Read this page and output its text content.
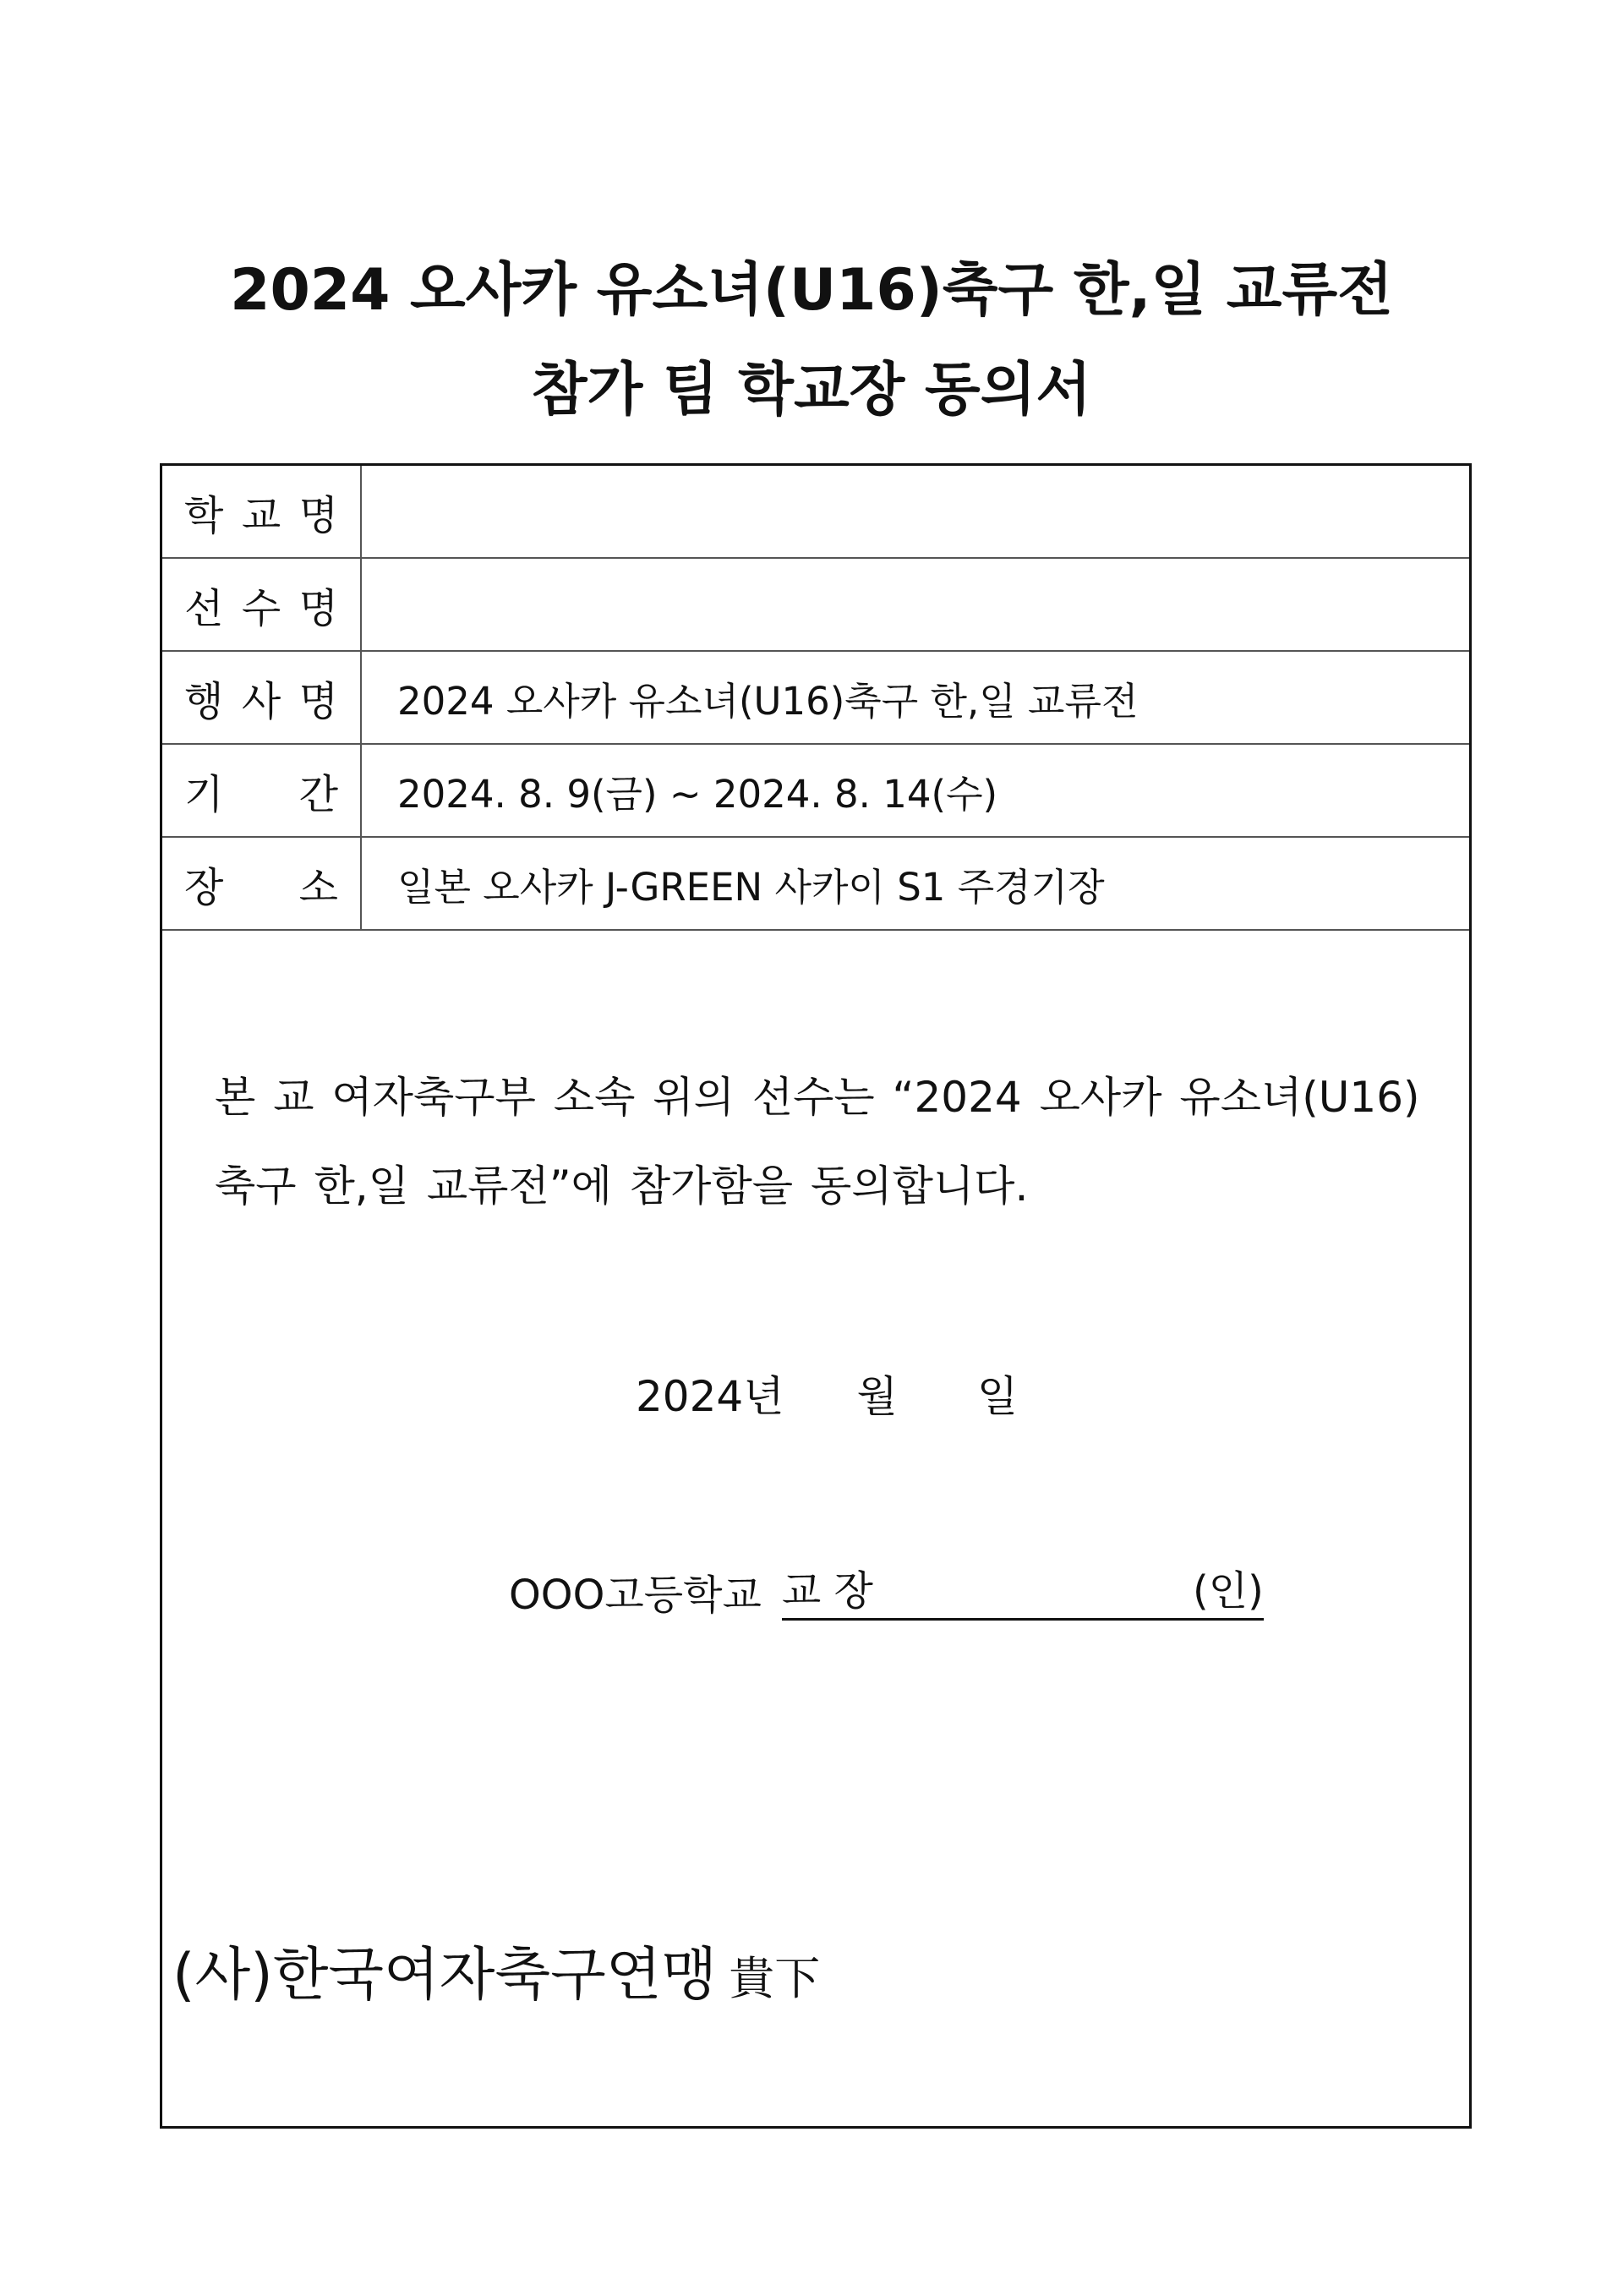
2024 오사카 유소녀(U16)축구 한,일 교류전
참가 팀 학교장 동의서
학 교 명
선 수 명
행 사 명	2024 오사카 유소녀(U16)축구 한,일 교류전
기 간	2024. 8. 9(금) ~ 2024. 8. 14(수)
장 소	일본 오사카 J-GREEN 사카이 S1 주경기장
본 교 여자축구부 소속 위의 선수는 “2024 오사카 유소녀(U16)
축구 한,일 교류전”에 참가함을 동의합니다.
2024년 월 일
OOO고등학교 교 장	(인)
(사)한국여자축구연맹 貴下
